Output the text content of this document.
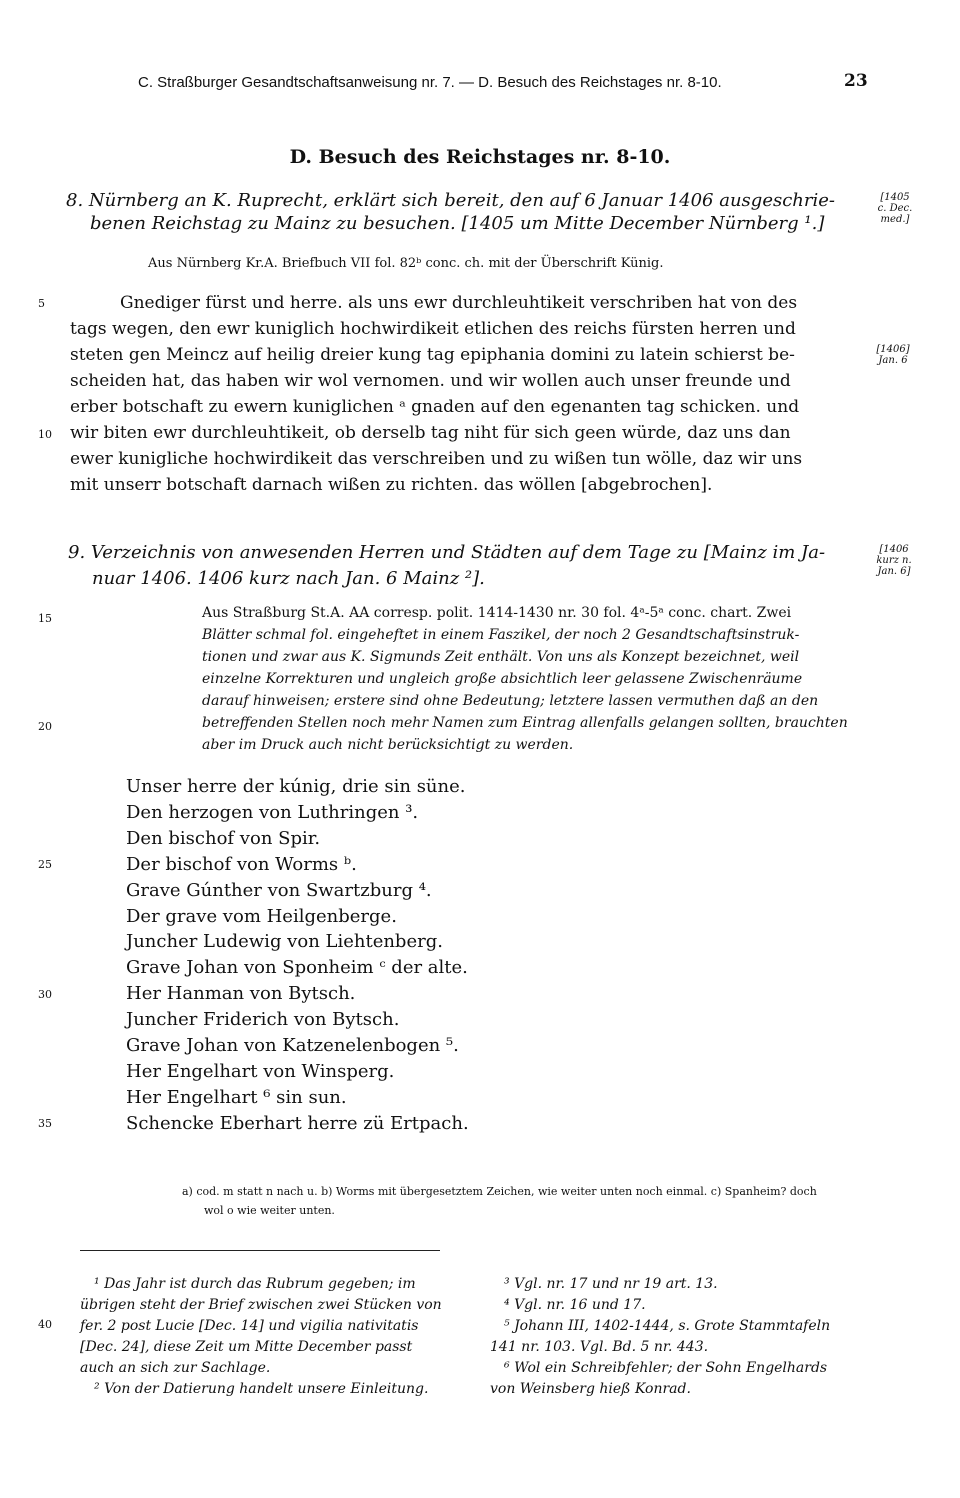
C. Straßburger Gesandtschaftsanweisung nr. 7. — D. Besuch des Reichstages nr. 8-10.	23
D. Besuch des Reichstages nr. 8-10.
8. Nürnberg an K. Ruprecht, erklärt sich bereit, den auf 6 Januar 1406 ausgeschrie-
benen Reichstag zu Mainz zu besuchen. [1405 um Mitte December Nürnberg ¹.]
[1405
c. Dec.
med.]
Aus Nürnberg Kr.A. Briefbuch VII fol. 82ᵇ conc. ch. mit der Überschrift Künig.
Gnediger fürst und herre. als uns ewr durchleuhtikeit verschriben hat von des
tags wegen, den ewr kuniglich hochwirdikeit etlichen des reichs fürsten herren und
steten gen Meincz auf heilig dreier kung tag epiphania domini zu latein schierst be-
scheiden hat, das haben wir wol vernomen. und wir wollen auch unser freunde und
erber botschaft zu ewern kuniglichen ᵃ gnaden auf den egenanten tag schicken. und
wir biten ewr durchleuhtikeit, ob derselb tag niht für sich geen würde, daz uns dan
ewer kunigliche hochwirdikeit das verschreiben und zu wißen tun wölle, daz wir uns
mit unserr botschaft darnach wißen zu richten. das wöllen [abgebrochen].
[1406]
Jan. 6
9. Verzeichnis von anwesenden Herren und Städten auf dem Tage zu [Mainz im Ja-
nuar 1406. 1406 kurz nach Jan. 6 Mainz ²].
[1406
kurz n.
Jan. 6]
Aus Straßburg St.A. AA corresp. polit. 1414-1430 nr. 30 fol. 4ᵃ-5ᵃ conc. chart. Zwei
Blätter schmal fol. eingeheftet in einem Faszikel, der noch 2 Gesandtschaftsinstruk-
tionen und zwar aus K. Sigmunds Zeit enthält. Von uns als Konzept bezeichnet, weil
einzelne Korrekturen und ungleich große absichtlich leer gelassene Zwischenräume
darauf hinweisen; erstere sind ohne Bedeutung; letztere lassen vermuthen daß an den
betreffenden Stellen noch mehr Namen zum Eintrag allenfalls gelangen sollten, brauchten
aber im Druck auch nicht berücksichtigt zu werden.
Unser herre der kúnig, drie sin süne.
Den herzogen von Luthringen ³.
Den bischof von Spir.
Der bischof von Worms ᵇ.
Grave Gúnther von Swartzburg ⁴.
Der grave vom Heilgenberge.
Juncher Ludewig von Liehtenberg.
Grave Johan von Sponheim ᶜ der alte.
Her Hanman von Bytsch.
Juncher Friderich von Bytsch.
Grave Johan von Katzenelenbogen ⁵.
Her Engelhart von Winsperg.
Her Engelhart ⁶ sin sun.
Schencke Eberhart herre zü Ertpach.
5
10
15
20
25
30
35
40
a) cod. m statt n nach u. b) Worms mit übergesetztem Zeichen, wie weiter unten noch einmal. c) Spanheim? doch
wol o wie weiter unten.
¹ Das Jahr ist durch das Rubrum gegeben; im
übrigen steht der Brief zwischen zwei Stücken von
fer. 2 post Lucie [Dec. 14] und vigilia nativitatis
[Dec. 24], diese Zeit um Mitte December passt
auch an sich zur Sachlage.
² Von der Datierung handelt unsere Einleitung.
³ Vgl. nr. 17 und nr 19 art. 13.
⁴ Vgl. nr. 16 und 17.
⁵ Johann III, 1402-1444, s. Grote Stammtafeln
141 nr. 103. Vgl. Bd. 5 nr. 443.
⁶ Wol ein Schreibfehler; der Sohn Engelhards
von Weinsberg hieß Konrad.
